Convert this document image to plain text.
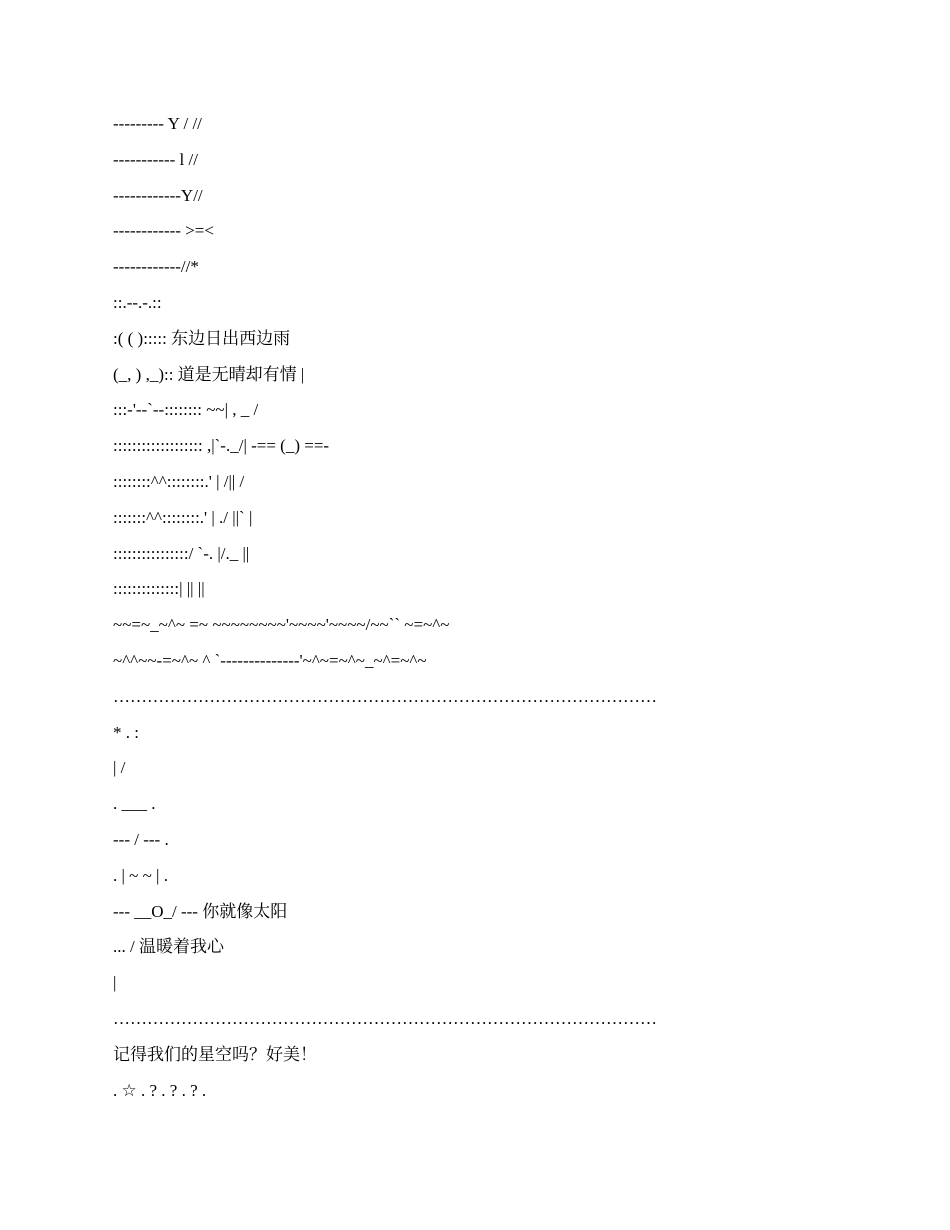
--------- Y / //
----------- l //
------------Y//
------------ >=<
------------//*
::.--.-.::
:( ( )::::: 东边日出西边雨
(_, ) ,_):: 道是无晴却有情 |
:::-'--`--:::::::: ~~| , _ /
::::::::::::::::::: ,|`-._/| -== (_) ==-
::::::::^^::::::::.' | /|| /
:::::::^^::::::::.' | ./ ||` |
::::::::::::::::/ `-. |/._ ||
::::::::::::::| || ||
~~=~_~^~ =~ ~~~~~~~~'~~~~'~~~~/~~`` ~=~^~
~^^~~-=~^~ ^ `--------------'~^~=~^~_~^=~^~
……………………………………………………………………………………
* . :
| /
. ___ .
--- / --- .
. | ~ ~ | .
--- __O_/ --- 你就像太阳
... / 温暖着我心
|
……………………………………………………………………………………
记得我们的星空吗？好美！
. ☆ . ? . ? . ? .
